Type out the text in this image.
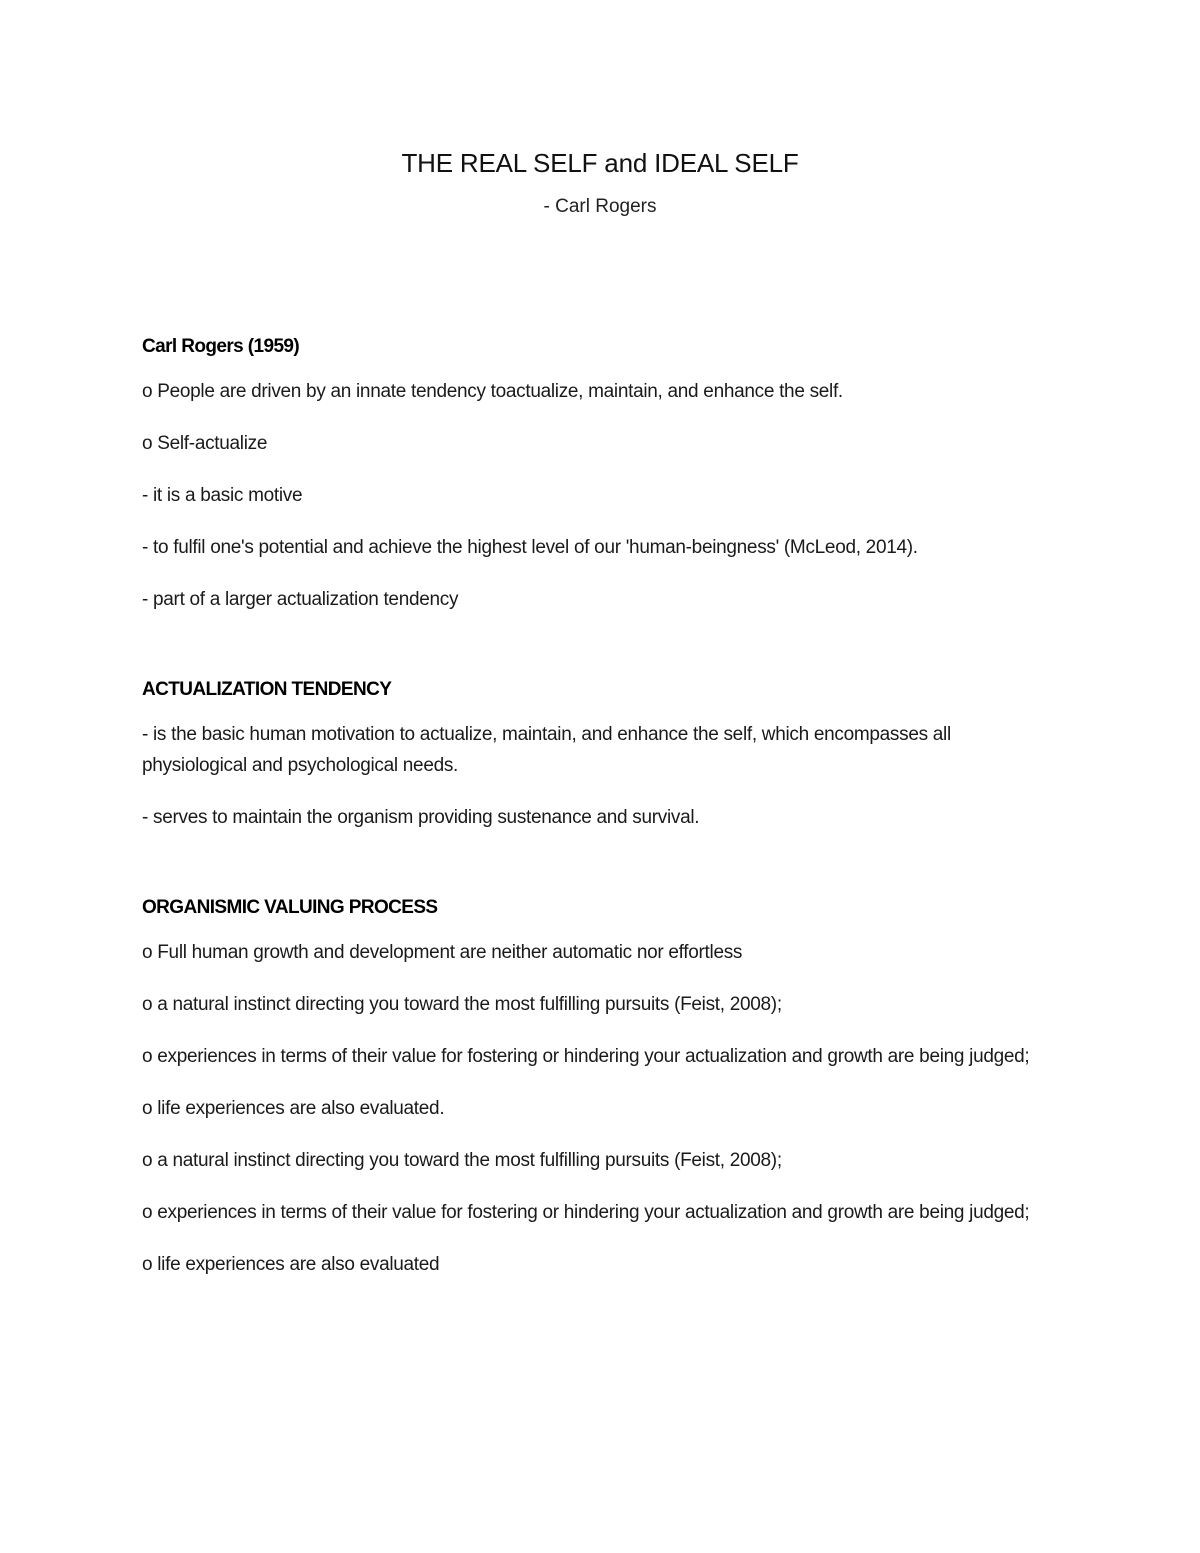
THE REAL SELF and IDEAL SELF
- Carl Rogers
Carl Rogers (1959)

o People are driven by an innate tendency toactualize, maintain, and enhance the self.

o Self-actualize

- it is a basic motive

- to fulfil one's potential and achieve the highest level of our 'human-beingness' (McLeod, 2014).

- part of a larger actualization tendency

ACTUALIZATION TENDENCY

- is the basic human motivation to actualize, maintain, and enhance the self, which encompasses all physiological and psychological needs.

- serves to maintain the organism providing sustenance and survival.

ORGANISMIC VALUING PROCESS

o Full human growth and development are neither automatic nor effortless

o a natural instinct directing you toward the most fulfilling pursuits (Feist, 2008);

o experiences in terms of their value for fostering or hindering your actualization and growth are being judged;

o life experiences are also evaluated.

o a natural instinct directing you toward the most fulfilling pursuits (Feist, 2008);

o experiences in terms of their value for fostering or hindering your actualization and growth are being judged;

o life experiences are also evaluated
